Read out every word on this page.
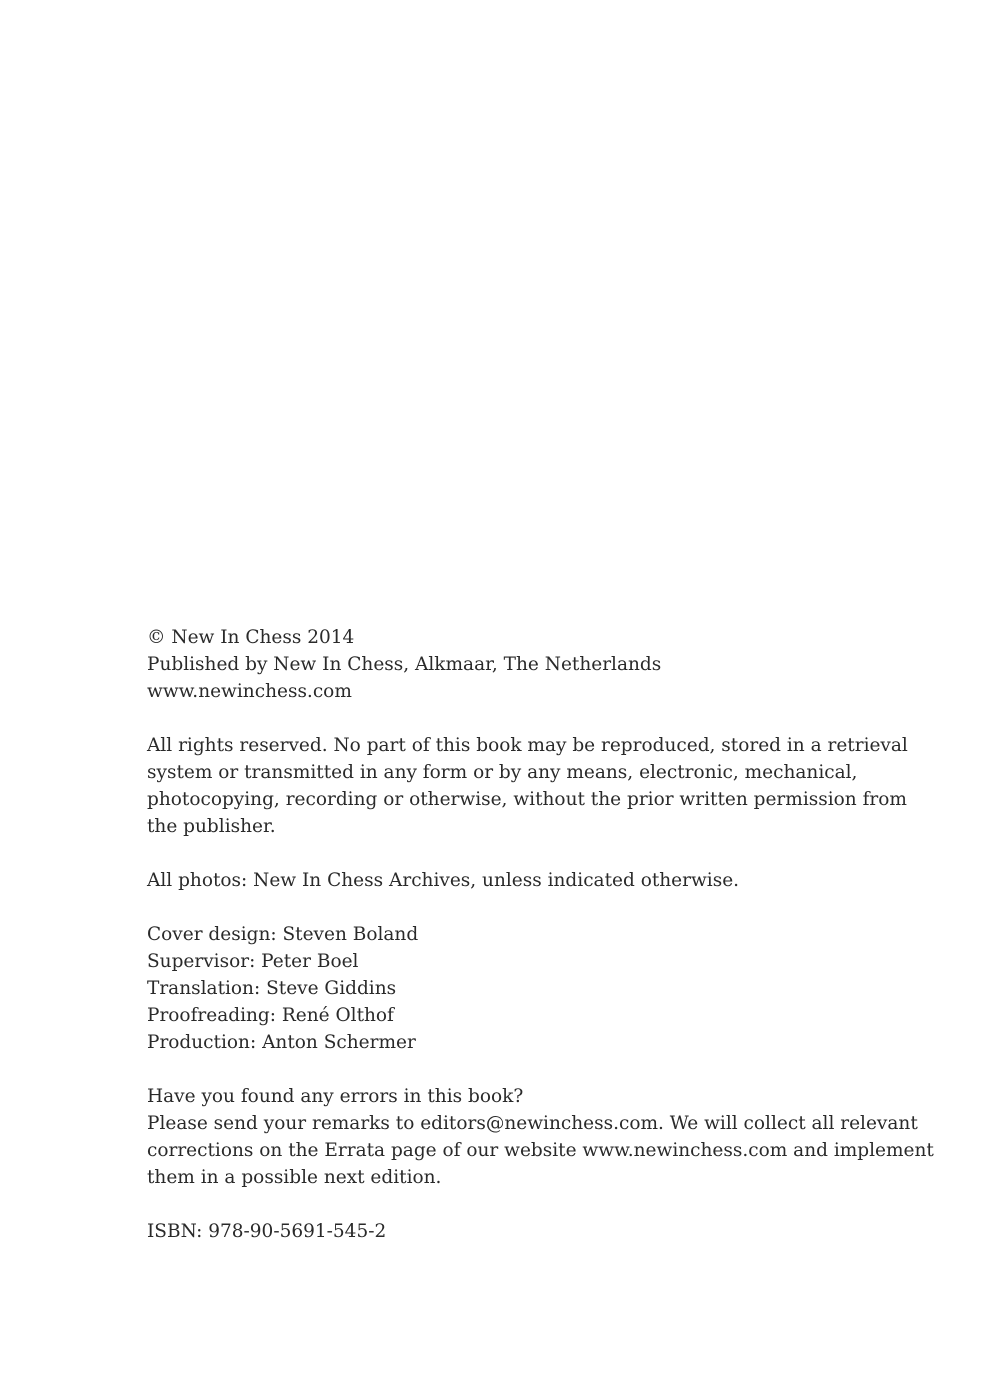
© New In Chess 2014
Published by New In Chess, Alkmaar, The Netherlands
www.newinchess.com
All rights reserved. No part of this book may be reproduced, stored in a retrieval
system or transmitted in any form or by any means, electronic, mechanical,
photocopying, recording or otherwise, without the prior written permission from
the publisher.
All photos: New In Chess Archives, unless indicated otherwise.
Cover design: Steven Boland
Supervisor: Peter Boel
Translation: Steve Giddins
Proofreading: René Olthof
Production: Anton Schermer
Have you found any errors in this book?
Please send your remarks to editors@newinchess.com. We will collect all relevant
corrections on the Errata page of our website www.newinchess.com and implement
them in a possible next edition.
ISBN: 978-90-5691-545-2
